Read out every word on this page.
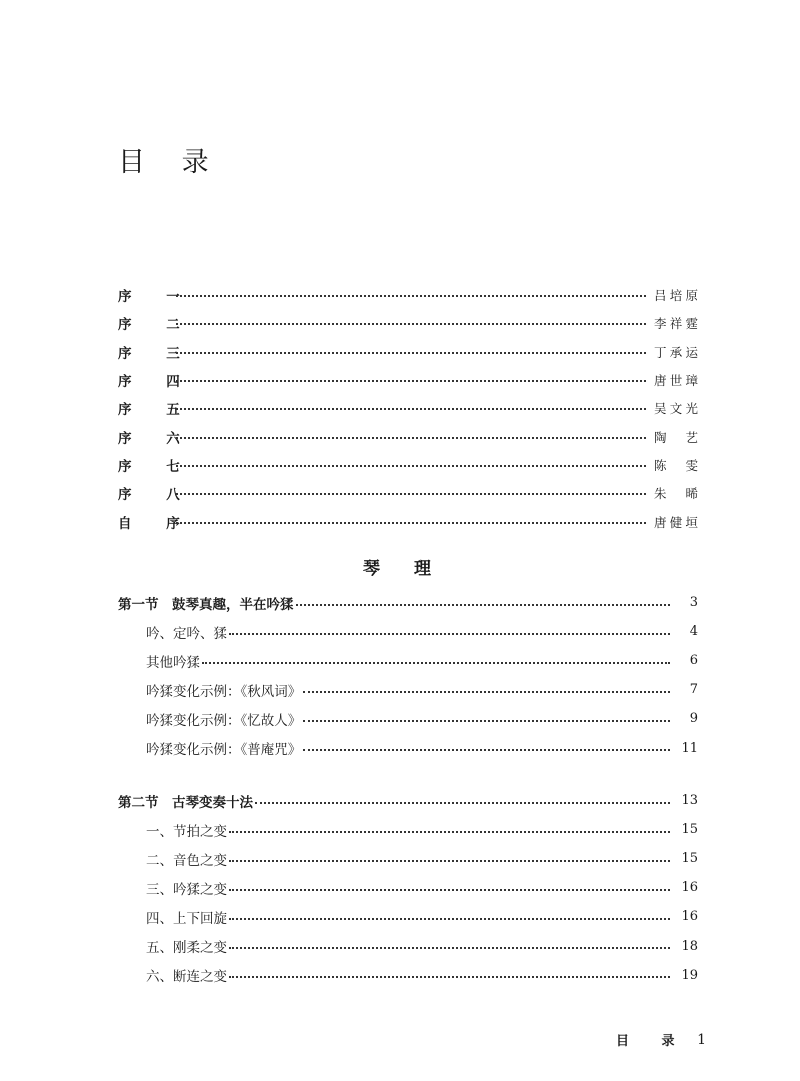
目 录
序 一	吕培原
序 二	李祥霆
序 三	丁承运
序 四	唐世璋
序 五	吴文光
序 六	陶 艺
序 七	陈 雯
序 八	朱 晞
自 序	唐健垣
琴 理
第一节	鼓琴真趣，半在吟猱	3
吟、定吟、猱	4
其他吟猱	6
吟猱变化示例：《秋风词》	7
吟猱变化示例：《忆故人》	9
吟猱变化示例：《普庵咒》	11
第二节	古琴变奏十法	13
一、节拍之变	15
二、音色之变	15
三、吟猱之变	16
四、上下回旋	16
五、刚柔之变	18
六、断连之变	19
目 录 1
